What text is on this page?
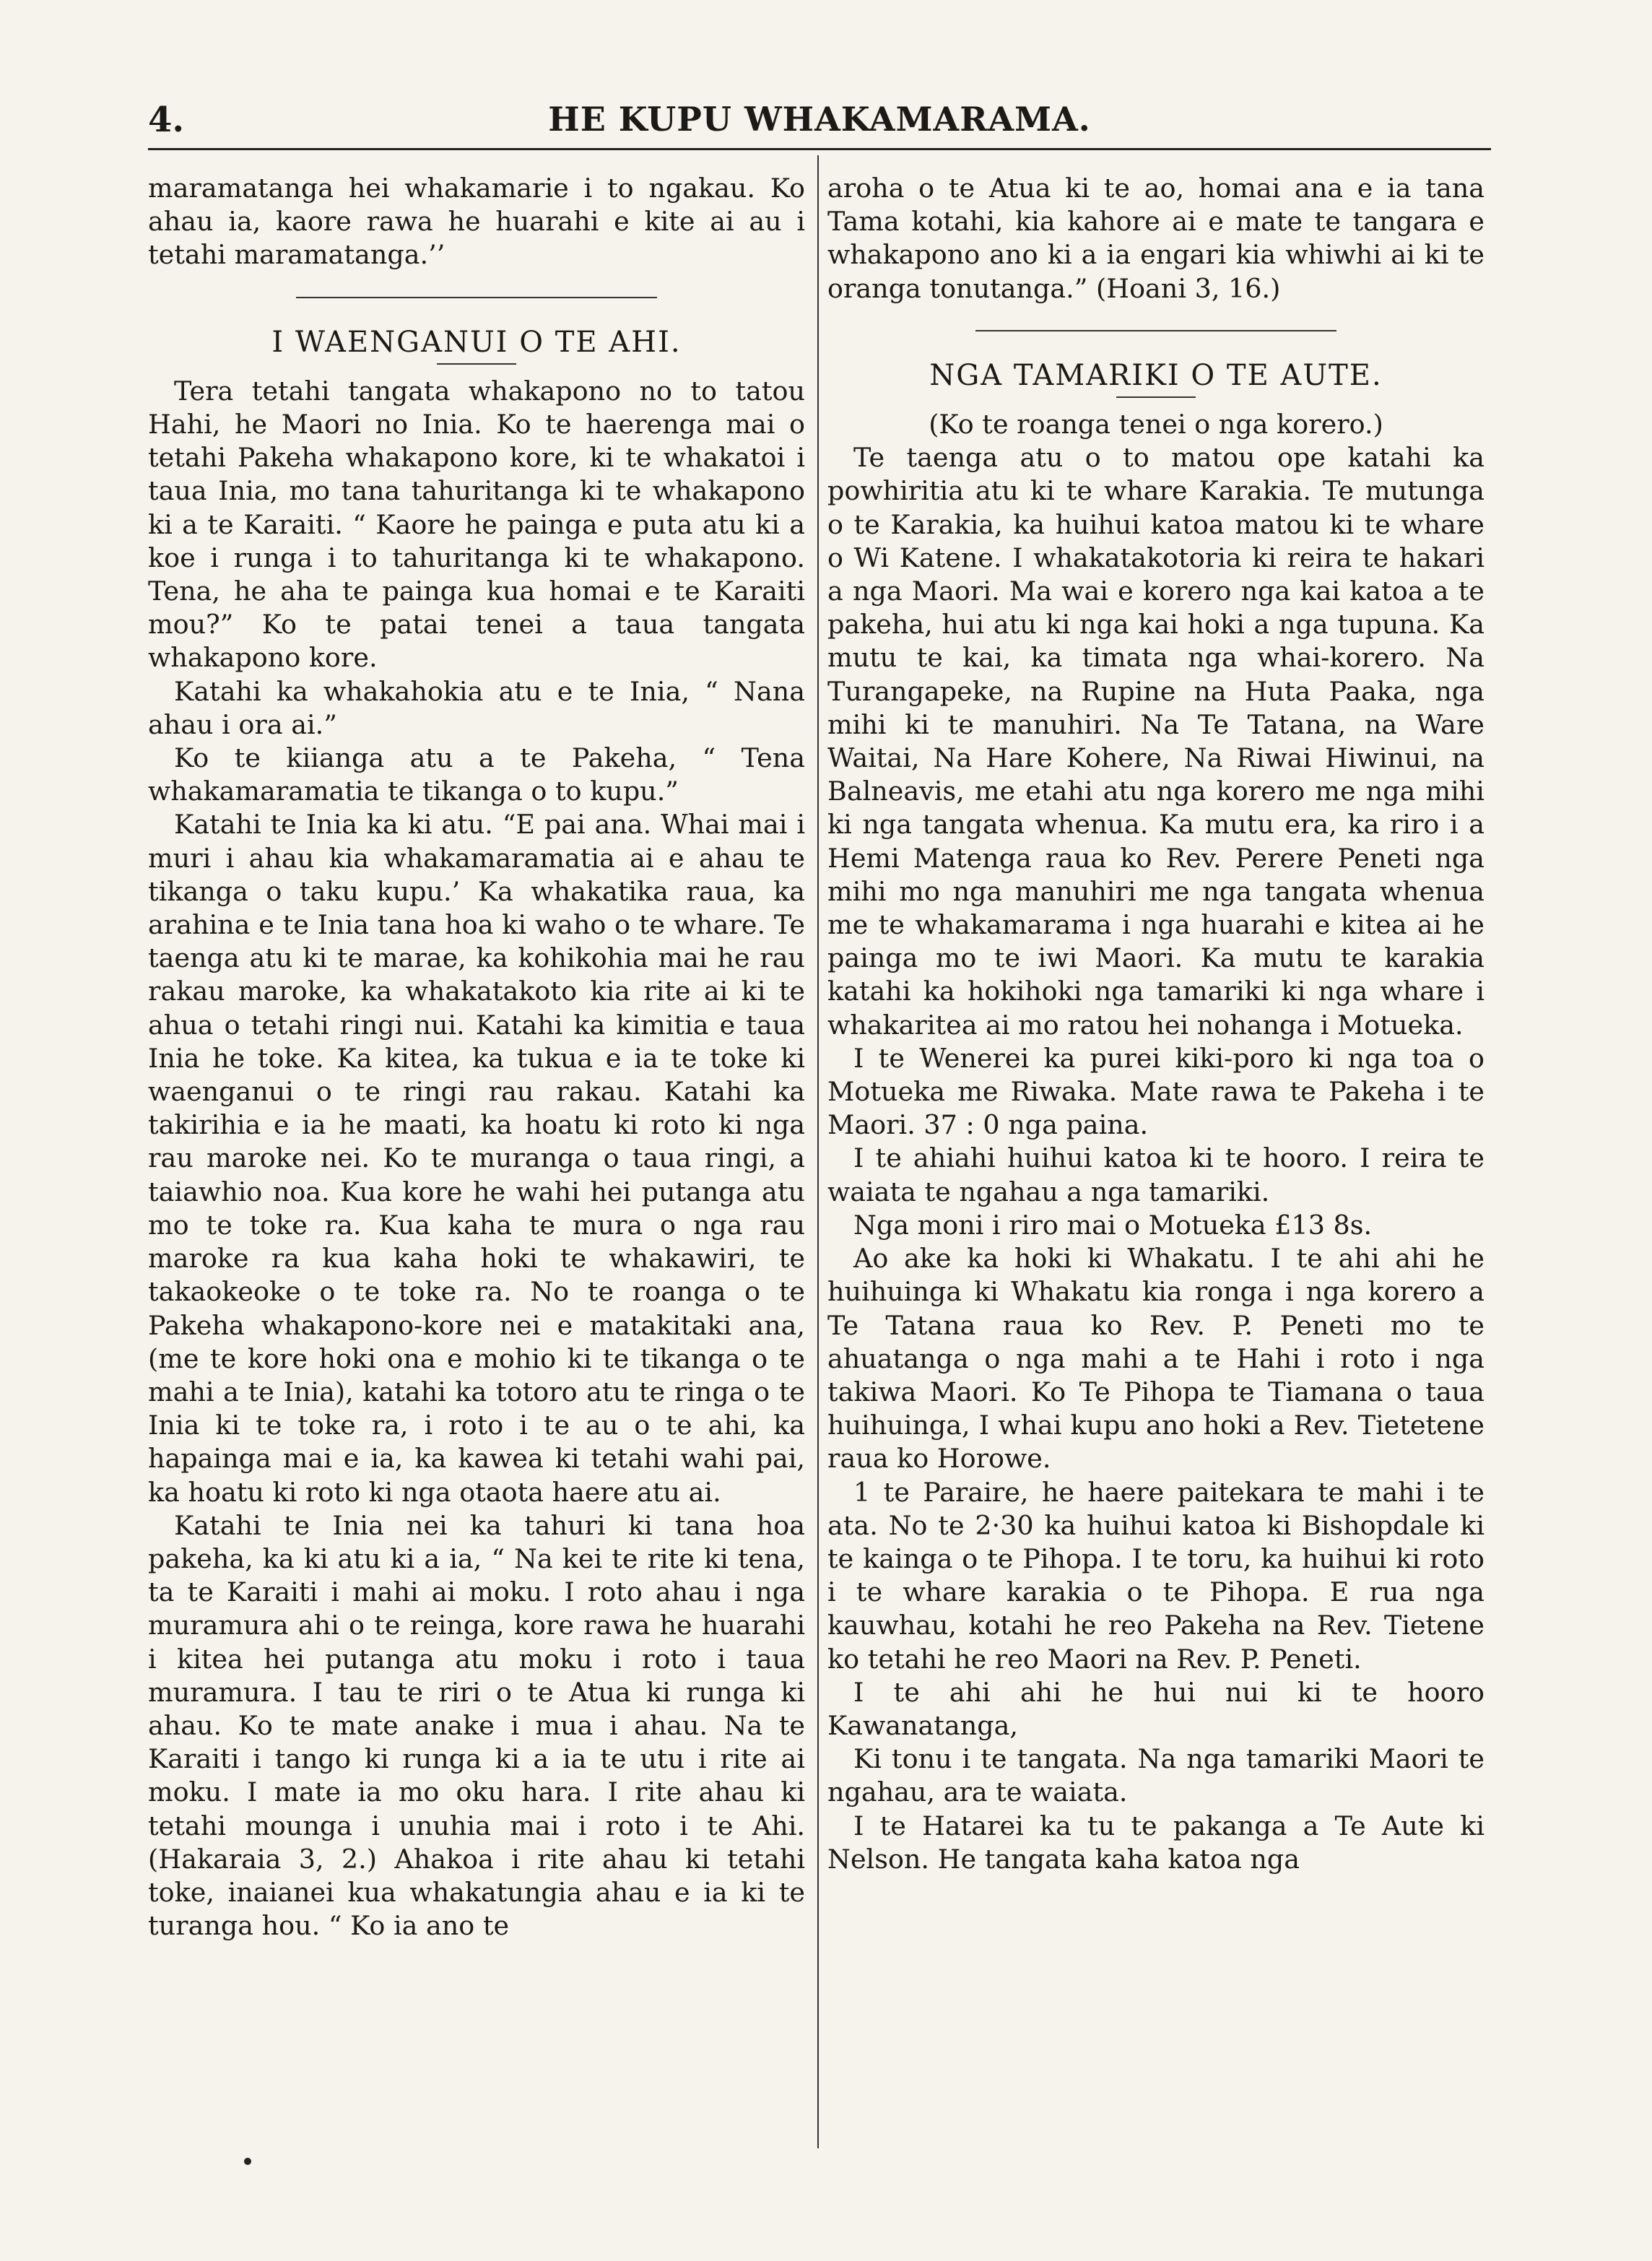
4.	HE KUPU WHAKAMARAMA.

maramatanga hei whakamarie i to ngakau. Ko ahau ia, kaore rawa he huarahi e kite ai au i tetahi maramatanga.’’

I WAENGANUI O TE AHI.

Tera tetahi tangata whakapono no to tatou Hahi, he Maori no Inia. Ko te haerenga mai o tetahi Pakeha whakapono kore, ki te whakatoi i taua Inia, mo tana tahuritanga ki te whakapono ki a te Karaiti. “ Kaore he painga e puta atu ki a koe i runga i to tahuritanga ki te whakapono. Tena, he aha te painga kua homai e te Karaiti mou?” Ko te patai tenei a taua tangata whakapono kore.

Katahi ka whakahokia atu e te Inia, “ Nana ahau i ora ai.”

Ko te kiianga atu a te Pakeha, “ Tena whakamaramatia te tikanga o to kupu.”

Katahi te Inia ka ki atu. “E pai ana. Whai mai i muri i ahau kia whakamaramatia ai e ahau te tikanga o taku kupu.’ Ka whakatika raua, ka arahina e te Inia tana hoa ki waho o te whare. Te taenga atu ki te marae, ka kohikohia mai he rau rakau maroke, ka whakatakoto kia rite ai ki te ahua o tetahi ringi nui. Katahi ka kimitia e taua Inia he toke. Ka kitea, ka tukua e ia te toke ki waenganui o te ringi rau rakau. Katahi ka takirihia e ia he maati, ka hoatu ki roto ki nga rau maroke nei. Ko te muranga o taua ringi, a taiawhio noa. Kua kore he wahi hei putanga atu mo te toke ra. Kua kaha te mura o nga rau maroke ra kua kaha hoki te whakawiri, te takaokeoke o te toke ra. No te roanga o te Pakeha whakapono-kore nei e matakitaki ana, (me te kore hoki ona e mohio ki te tikanga o te mahi a te Inia), katahi ka totoro atu te ringa o te Inia ki te toke ra, i roto i te au o te ahi, ka hapainga mai e ia, ka kawea ki tetahi wahi pai, ka hoatu ki roto ki nga otaota haere atu ai.

Katahi te Inia nei ka tahuri ki tana hoa pakeha, ka ki atu ki a ia, “ Na kei te rite ki tena, ta te Karaiti i mahi ai moku. I roto ahau i nga muramura ahi o te reinga, kore rawa he huarahi i kitea hei putanga atu moku i roto i taua muramura. I tau te riri o te Atua ki runga ki ahau. Ko te mate anake i mua i ahau. Na te Karaiti i tango ki runga ki a ia te utu i rite ai moku. I mate ia mo oku hara. I rite ahau ki tetahi mounga i unuhia mai i roto i te Ahi. (Hakaraia 3, 2.) Ahakoa i rite ahau ki tetahi toke, inaianei kua whakatungia ahau e ia ki te turanga hou. “ Ko ia ano te

aroha o te Atua ki te ao, homai ana e ia tana Tama kotahi, kia kahore ai e mate te tangara e whakapono ano ki a ia engari kia whiwhi ai ki te oranga tonutanga.” (Hoani 3, 16.)

NGA TAMARIKI O TE AUTE.

(Ko te roanga tenei o nga korero.)

Te taenga atu o to matou ope katahi ka powhiritia atu ki te whare Karakia. Te mutunga o te Karakia, ka huihui katoa matou ki te whare o Wi Katene. I whakatakotoria ki reira te hakari a nga Maori. Ma wai e korero nga kai katoa a te pakeha, hui atu ki nga kai hoki a nga tupuna. Ka mutu te kai, ka timata nga whai-korero. Na Turangapeke, na Rupine na Huta Paaka, nga mihi ki te manuhiri. Na Te Tatana, na Ware Waitai, Na Hare Kohere, Na Riwai Hiwinui, na Balneavis, me etahi atu nga korero me nga mihi ki nga tangata whenua. Ka mutu era, ka riro i a Hemi Matenga raua ko Rev. Perere Peneti nga mihi mo nga manuhiri me nga tangata whenua me te whakamarama i nga huarahi e kitea ai he painga mo te iwi Maori. Ka mutu te karakia katahi ka hokihoki nga tamariki ki nga whare i whakaritea ai mo ratou hei nohanga i Motueka.

I te Wenerei ka purei kiki-poro ki nga toa o Motueka me Riwaka. Mate rawa te Pakeha i te Maori. 37 : 0 nga paina.

I te ahiahi huihui katoa ki te hooro. I reira te waiata te ngahau a nga tamariki.

Nga moni i riro mai o Motueka £13 8s.

Ao ake ka hoki ki Whakatu. I te ahi ahi he huihuinga ki Whakatu kia ronga i nga korero a Te Tatana raua ko Rev. P. Peneti mo te ahuatanga o nga mahi a te Hahi i roto i nga takiwa Maori. Ko Te Pihopa te Tiamana o taua huihuinga, I whai kupu ano hoki a Rev. Tietetene raua ko Horowe.

1 te Paraire, he haere paitekara te mahi i te ata. No te 2·30 ka huihui katoa ki Bishopdale ki te kainga o te Pihopa. I te toru, ka huihui ki roto i te whare karakia o te Pihopa. E rua nga kauwhau, kotahi he reo Pakeha na Rev. Tietene ko tetahi he reo Maori na Rev. P. Peneti.

I te ahi ahi he hui nui ki te hooro Kawanatanga,

Ki tonu i te tangata. Na nga tamariki Maori te ngahau, ara te waiata.

I te Hatarei ka tu te pakanga a Te Aute ki Nelson. He tangata kaha katoa nga
